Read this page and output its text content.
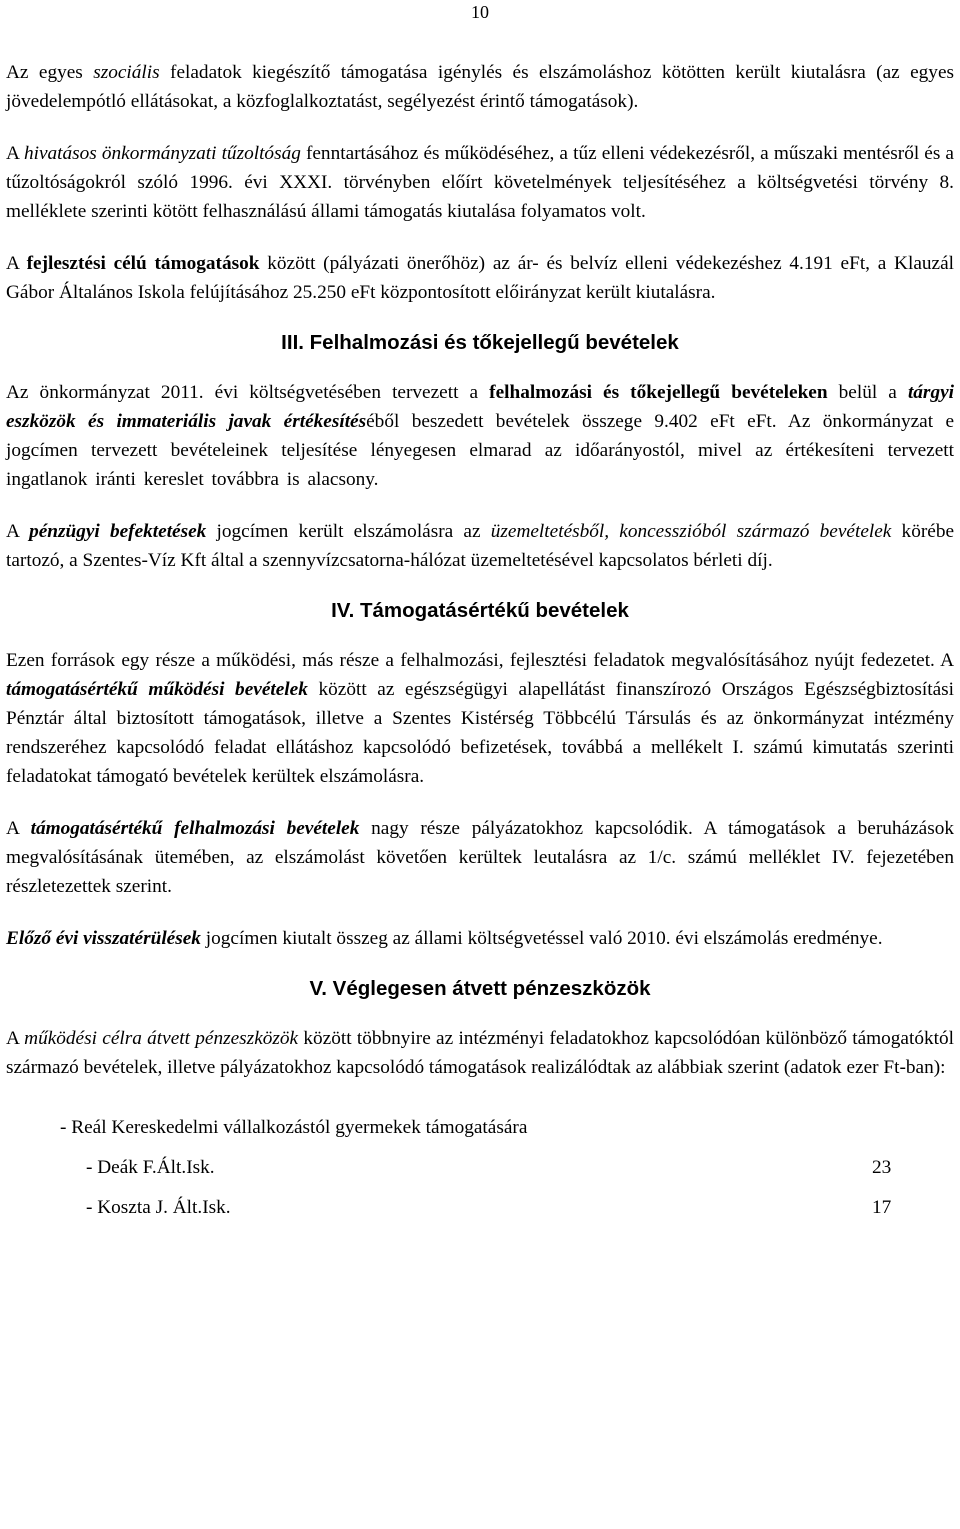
10

Az egyes szociális feladatok kiegészítő támogatása igénylés és elszámoláshoz kötötten került kiutalásra (az egyes jövedelempótló ellátásokat, a közfoglalkoztatást, segélyezést érintő támogatások).

A hivatásos önkormányzati tűzoltóság fenntartásához és működéséhez, a tűz elleni védekezésről, a műszaki mentésről és a tűzoltóságokról szóló 1996. évi XXXI. törvényben előírt követelmények teljesítéséhez a költségvetési törvény 8. melléklete szerinti kötött felhasználású állami támogatás kiutalása folyamatos volt.

A fejlesztési célú támogatások között (pályázati önerőhöz) az ár- és belvíz elleni védekezéshez 4.191 eFt, a Klauzál Gábor Általános Iskola felújításához 25.250 eFt központosított előirányzat került kiutalásra.

III. Felhalmozási és tőkejellegű bevételek

Az önkormányzat 2011. évi költségvetésében tervezett a felhalmozási és tőkejellegű bevételeken belül a tárgyi eszközök és immateriális javak értékesítéséből beszedett bevételek összege 9.402 eFt eFt. Az önkormányzat e jogcímen tervezett bevételeinek teljesítése lényegesen elmarad az időarányostól, mivel az értékesíteni tervezett ingatlanok iránti kereslet továbbra is alacsony.

A pénzügyi befektetések jogcímen került elszámolásra az üzemeltetésből, koncesszióból származó bevételek körébe tartozó, a Szentes-Víz Kft által a szennyvízcsatorna-hálózat üzemeltetésével kapcsolatos bérleti díj.

IV. Támogatásértékű bevételek

Ezen források egy része a működési, más része a felhalmozási, fejlesztési feladatok megvalósításához nyújt fedezetet. A támogatásértékű működési bevételek között az egészségügyi alapellátást finanszírozó Országos Egészségbiztosítási Pénztár által biztosított támogatások, illetve a Szentes Kistérség Többcélú Társulás és az önkormányzat intézmény rendszeréhez kapcsolódó feladat ellátáshoz kapcsolódó befizetések, továbbá a mellékelt I. számú kimutatás szerinti feladatokat támogató bevételek kerültek elszámolásra.

A támogatásértékű felhalmozási bevételek nagy része pályázatokhoz kapcsolódik. A támogatások a beruházások megvalósításának ütemében, az elszámolást követően kerültek leutalásra az 1/c. számú melléklet IV. fejezetében részletezettek szerint.

Előző évi visszatérülések jogcímen kiutalt összeg az állami költségvetéssel való 2010. évi elszámolás eredménye.

V. Véglegesen átvett pénzeszközök

A működési célra átvett pénzeszközök között többnyire az intézményi feladatokhoz kapcsolódóan különböző támogatóktól származó bevételek, illetve pályázatokhoz kapcsolódó támogatások realizálódtak az alábbiak szerint (adatok ezer Ft-ban):

- Reál Kereskedelmi vállalkozástól gyermekek támogatására
- Deák F.Ált.Isk.	23
- Koszta J. Ált.Isk.	17
